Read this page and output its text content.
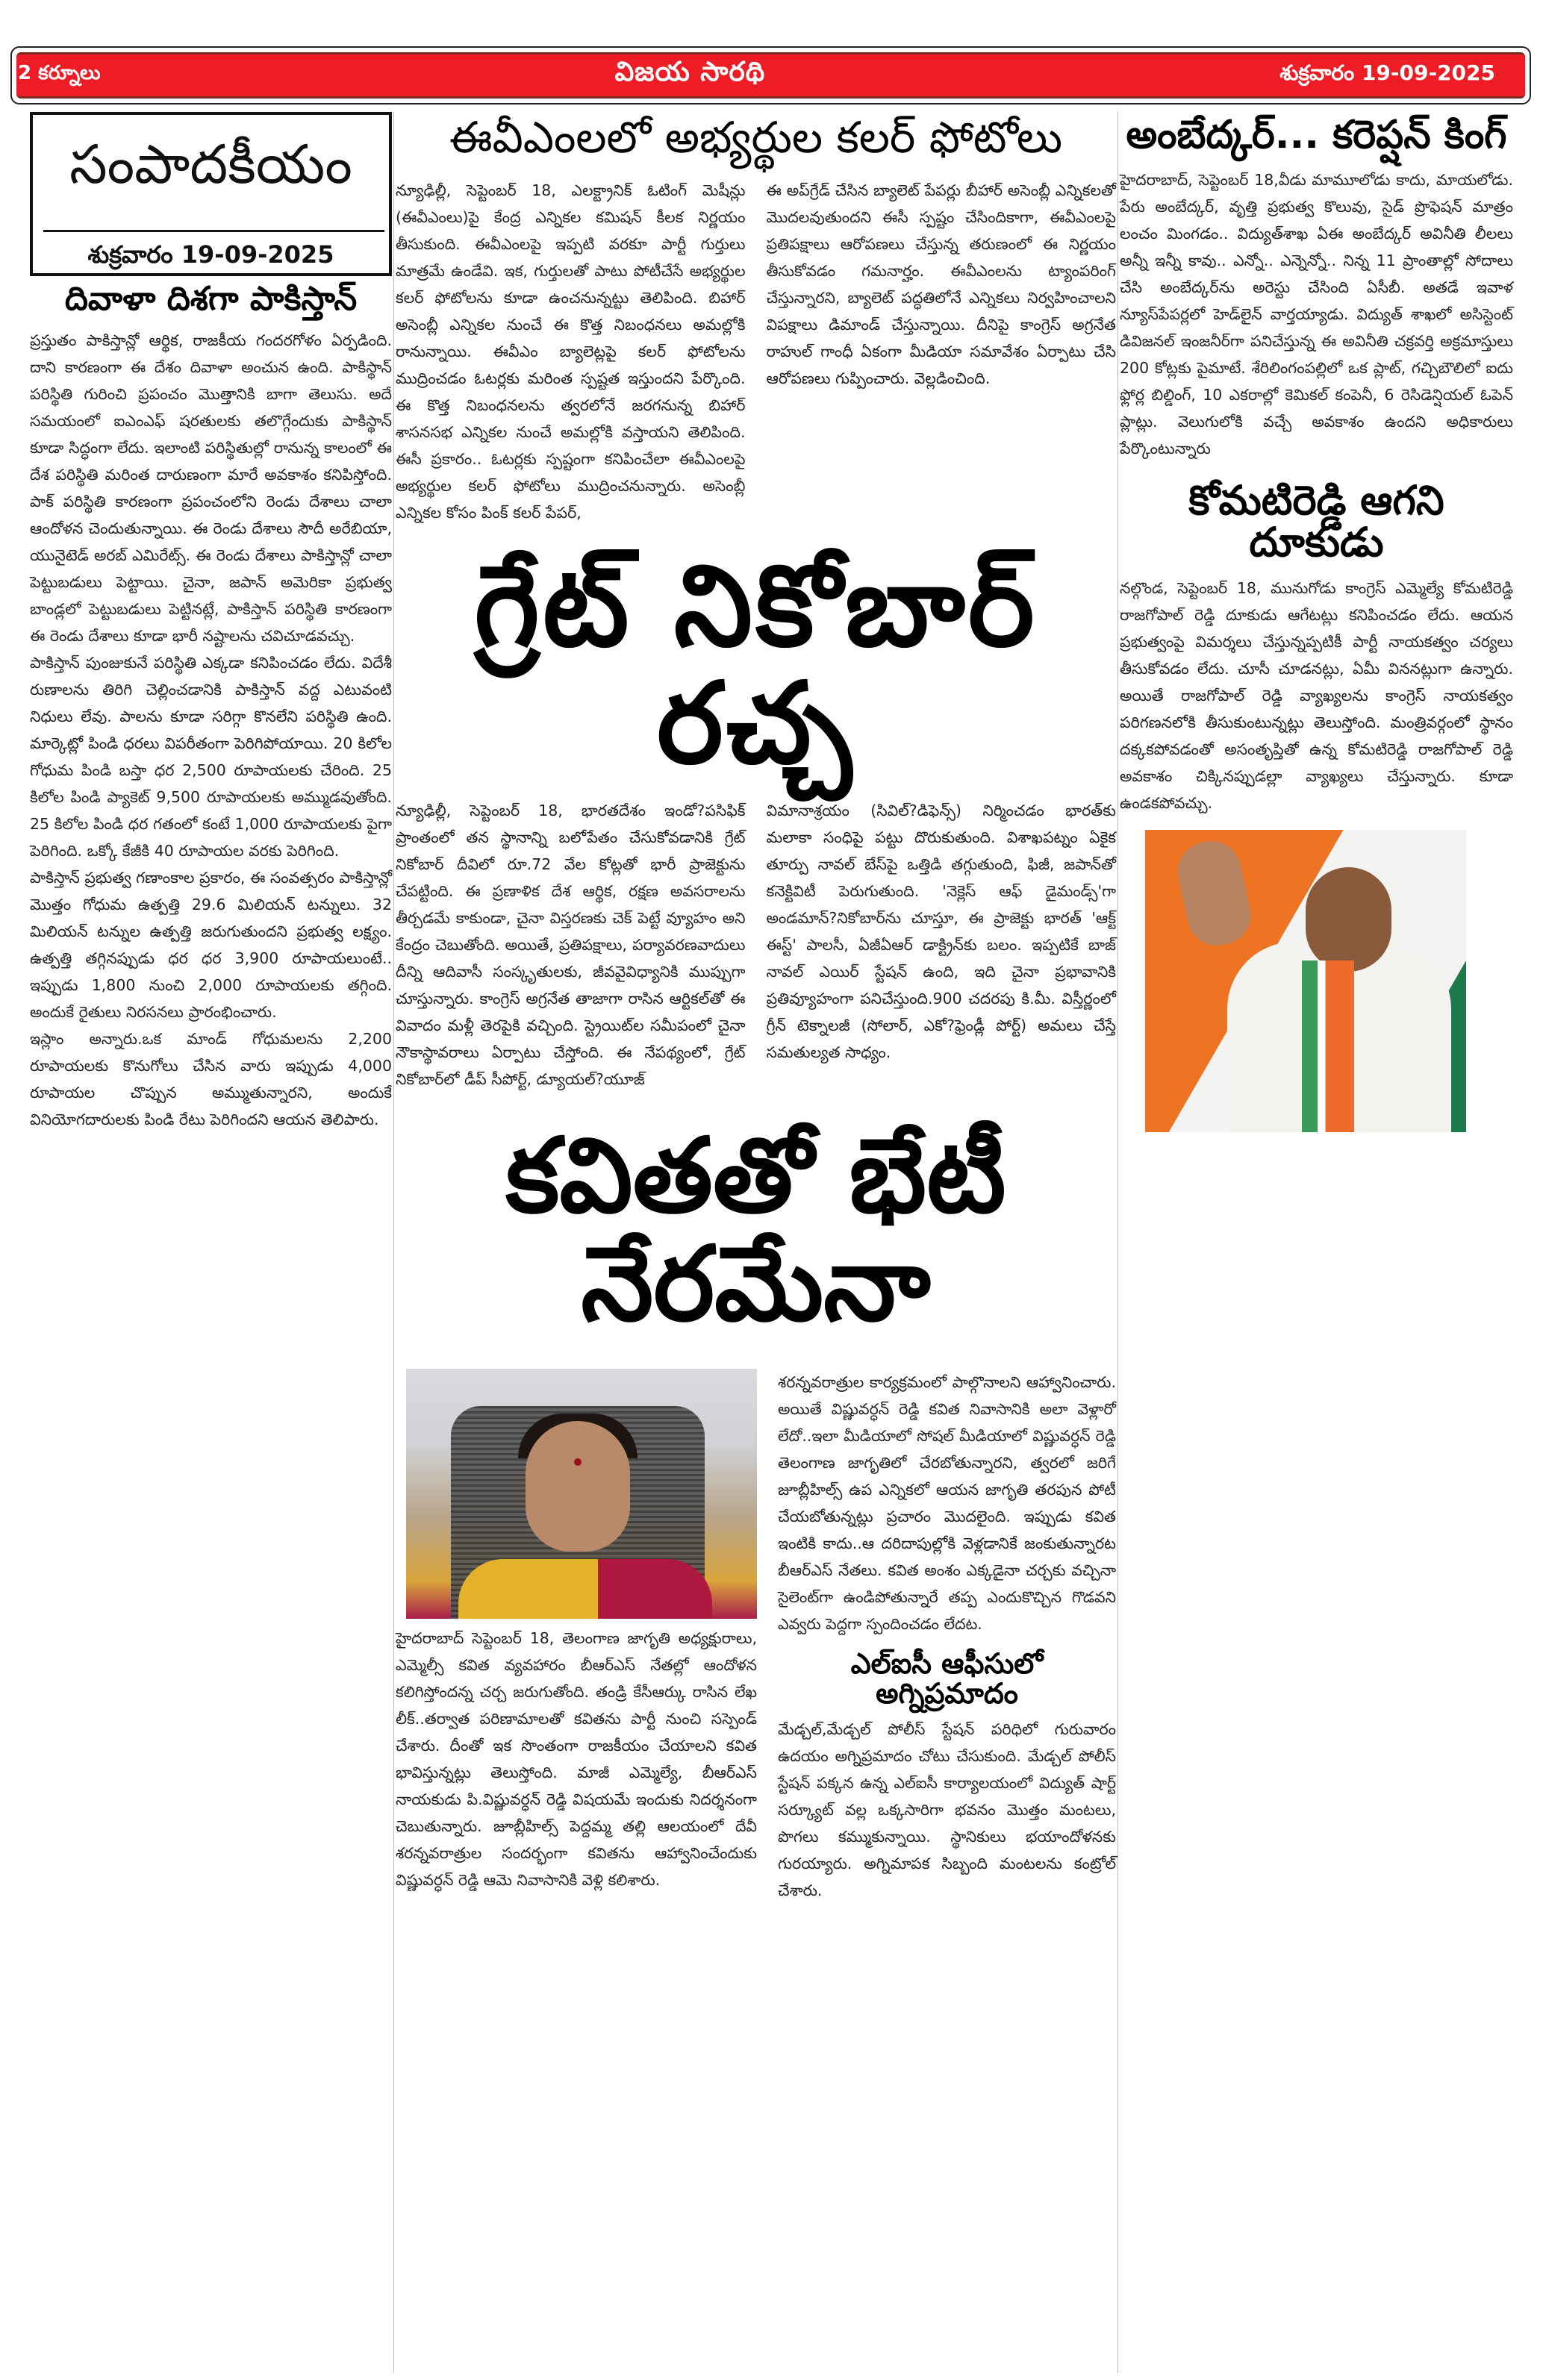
2 కర్నూలు	విజయ సారథి	శుక్రవారం 19-09-2025
సంపాదకీయం
శుక్రవారం 19-09-2025
దివాళా దిశగా పాకిస్తాన్
ప్రస్తుతం పాకిస్తాన్లో ఆర్థిక, రాజకీయ గందరగోళం ఏర్పడింది. దాని కారణంగా ఈ దేశం దివాళా అంచున ఉంది. పాకిస్థాన్ పరిస్థితి గురించి ప్రపంచం మొత్తానికి బాగా తెలుసు. అదే సమయంలో ఐఎంఎఫ్ షరతులకు తలొగ్గేందుకు పాకిస్థాన్ కూడా సిద్ధంగా లేదు. ఇలాంటి పరిస్థితుల్లో రానున్న కాలంలో ఈ దేశ పరిస్థితి మరింత దారుణంగా మారే అవకాశం కనిపిస్తోంది. పాక్ పరిస్థితి కారణంగా ప్రపంచంలోని రెండు దేశాలు చాలా ఆందోళన చెందుతున్నాయి. ఈ రెండు దేశాలు సౌదీ అరేబియా, యునైటెడ్ అరబ్ ఎమిరేట్స్. ఈ రెండు దేశాలు పాకిస్తాన్లో చాలా పెట్టుబడులు పెట్టాయి. చైనా, జపాన్ అమెరికా ప్రభుత్వ బాండ్లలో పెట్టుబడులు పెట్టినట్లే, పాకిస్తాన్ పరిస్థితి కారణంగా ఈ రెండు దేశాలు కూడా భారీ నష్టాలను చవిచూడవచ్చు.
పాకిస్తాన్ పుంజుకునే పరిస్థితి ఎక్కడా కనిపించడం లేదు. విదేశీ రుణాలను తిరిగి చెల్లించడానికి పాకిస్తాన్ వద్ద ఎటువంటి నిధులు లేవు. పాలను కూడా సరిగ్గా కొనలేని పరిస్థితి ఉంది. మార్కెట్లో పిండి ధరలు విపరీతంగా పెరిగిపోయాయి. 20 కిలోల గోధుమ పిండి బస్తా ధర 2,500 రూపాయలకు చేరింది. 25 కిలోల పిండి ప్యాకెట్ 9,500 రూపాయలకు అమ్ముడవుతోంది. 25 కిలోల పిండి ధర గతంలో కంటే 1,000 రూపాయలకు పైగా పెరిగింది. ఒక్కో కేజీకి 40 రూపాయల వరకు పెరిగింది.
పాకిస్తాన్ ప్రభుత్వ గణాంకాల ప్రకారం, ఈ సంవత్సరం పాకిస్తాన్లో మొత్తం గోధుమ ఉత్పత్తి 29.6 మిలియన్ టన్నులు. 32 మిలియన్ టన్నుల ఉత్పత్తి జరుగుతుందని ప్రభుత్వ లక్ష్యం. ఉత్పత్తి తగ్గినప్పుడు ధర ధర 3,900 రూపాయలుంటే.. ఇప్పుడు 1,800 నుంచి 2,000 రూపాయలకు తగ్గింది. అందుకే రైతులు నిరసనలు ప్రారంభించారు.
ఇస్లాం అన్నారు.ఒక మాండ్ గోధుమలను 2,200 రూపాయలకు కొనుగోలు చేసిన వారు ఇప్పుడు 4,000 రూపాయల చొప్పున అమ్ముతున్నారని, అందుకే వినియోగదారులకు పిండి రేటు పెరిగిందని ఆయన తెలిపారు.
ఈవీఎంలలో అభ్యర్థుల కలర్ ఫోటోలు
న్యూఢిల్లీ, సెప్టెంబర్ 18, ఎలక్ట్రానిక్ ఓటింగ్ మెషీన్లు (ఈవీఎంలు)పై కేంద్ర ఎన్నికల కమిషన్ కీలక నిర్ణయం తీసుకుంది. ఈవీఎంలపై ఇప్పటి వరకూ పార్టీ గుర్తులు మాత్రమే ఉండేవి. ఇక, గుర్తులతో పాటు పోటీచేసే అభ్యర్థుల కలర్ ఫోటోలను కూడా ఉంచనున్నట్టు తెలిపింది. బిహార్ అసెంబ్లీ ఎన్నికల నుంచే ఈ కొత్త నిబంధనలు అమల్లోకి రానున్నాయి. ఈవీఎం బ్యాలెట్లపై కలర్ ఫోటోలను ముద్రించడం ఓటర్లకు మరింత స్పష్టత ఇస్తుందని పేర్కొంది. ఈ కొత్త నిబంధనలను త్వరలోనే జరగనున్న బిహార్ శాసనసభ ఎన్నికల నుంచే అమల్లోకి వస్తాయని తెలిపింది. ఈసీ ప్రకారం.. ఓటర్లకు స్పష్టంగా కనిపించేలా ఈవీఎంలపై అభ్యర్థుల కలర్ ఫోటోలు ముద్రించనున్నారు. అసెంబ్లీ ఎన్నికల కోసం పింక్ కలర్ పేపర్,
ఈ అప్‌గ్రేడ్ చేసిన బ్యాలెట్ పేపర్లు బీహార్ అసెంబ్లీ ఎన్నికలతో మొదలవుతుందని ఈసీ స్పష్టం చేసిందికాగా, ఈవీఎంలపై ప్రతిపక్షాలు ఆరోపణలు చేస్తున్న తరుణంలో ఈ నిర్ణయం తీసుకోవడం గమనార్హం. ఈవీఎంలను ట్యాంపరింగ్ చేస్తున్నారని, బ్యాలెట్ పద్ధతిలోనే ఎన్నికలు నిర్వహించాలని విపక్షాలు డిమాండ్ చేస్తున్నాయి. దీనిపై కాంగ్రెస్ అగ్రనేత రాహుల్ గాంధీ ఏకంగా మీడియా సమావేశం ఏర్పాటు చేసి ఆరోపణలు గుప్పించారు. వెల్లడించింది.
గ్రేట్ నికోబార్ రచ్చ
న్యూఢిల్లీ, సెప్టెంబర్ 18, భారతదేశం ఇండో?పసిఫిక్ ప్రాంతంలో తన స్థానాన్ని బలోపేతం చేసుకోవడానికి గ్రేట్ నికోబార్ దీవిలో రూ.72 వేల కోట్లతో భారీ ప్రాజెక్టును చేపట్టింది. ఈ ప్రణాళిక దేశ ఆర్థిక, రక్షణ అవసరాలను తీర్చడమే కాకుండా, చైనా విస్తరణకు చెక్ పెట్టే వ్యూహం అని కేంద్రం చెబుతోంది. అయితే, ప్రతిపక్షాలు, పర్యావరణవాదులు దీన్ని ఆదివాసీ సంస్కృతులకు, జీవవైవిధ్యానికి ముప్పుగా చూస్తున్నారు. కాంగ్రెస్ అగ్రనేత తాజాగా రాసిన ఆర్టికల్‌తో ఈ వివాదం మళ్లీ తెరపైకి వచ్చింది. స్ట్రెయిట్‌ల సమీపంలో చైనా నౌకాస్థావరాలు ఏర్పాటు చేస్తోంది. ఈ నేపథ్యంలో, గ్రేట్ నికోబార్‌లో డీప్ సీపోర్ట్, డ్యూయల్?యూజ్
విమానాశ్రయం (సివిల్?డిఫెన్స్) నిర్మించడం భారత్‌కు మలాకా సంధిపై పట్టు దొరుకుతుంది. విశాఖపట్నం ఏకైక తూర్పు నావల్ బేస్‌పై ఒత్తిడి తగ్గుతుంది, ఫిజీ, జపాన్‌తో కనెక్టివిటీ పెరుగుతుంది. 'నెక్లెస్ ఆఫ్ డైమండ్స్'గా అండమాన్?నికోబార్‌ను చూస్తూ, ఈ ప్రాజెక్టు భారత్ 'ఆక్ట్ ఈస్ట్' పాలసీ, ఏజీఏఆర్ డాక్ట్రిన్‌కు బలం. ఇప్పటికే బాజ్ నావల్ ఎయిర్ స్టేషన్ ఉంది, ఇది చైనా ప్రభావానికి ప్రతివ్యూహంగా పనిచేస్తుంది.900 చదరపు కి.మీ. విస్తీర్ణంలో గ్రీన్ టెక్నాలజీ (సోలార్, ఎకో?ఫ్రెండ్లీ పోర్ట్) అమలు చేస్తే సమతుల్యత సాధ్యం.
కవితతో భేటీ నేరమేనా
హైదరాబాద్ సెప్టెంబర్ 18, తెలంగాణ జాగృతి అధ్యక్షురాలు, ఎమ్మెల్సీ కవిత వ్యవహారం బీఆర్ఎస్ నేతల్లో ఆందోళన కలిగిస్తోందన్న చర్చ జరుగుతోంది. తండ్రి కేసీఆర్కు రాసిన లేఖ లీక్..తర్వాత పరిణామాలతో కవితను పార్టీ నుంచి సస్పెండ్ చేశారు. దీంతో ఇక సొంతంగా రాజకీయం చేయాలని కవిత భావిస్తున్నట్లు తెలుస్తోంది. మాజీ ఎమ్మెల్యే, బీఆర్ఎస్ నాయకుడు పి.విష్ణువర్ధన్ రెడ్డి విషయమే ఇందుకు నిదర్శనంగా చెబుతున్నారు. జూబ్లీహిల్స్ పెద్దమ్మ తల్లి ఆలయంలో దేవీ శరన్నవరాత్రుల సందర్భంగా కవితను ఆహ్వానించేందుకు విష్ణువర్ధన్ రెడ్డి ఆమె నివాసానికి వెళ్లి కలిశారు.
శరన్నవరాత్రుల కార్యక్రమంలో పాల్గొనాలని ఆహ్వానించారు. అయితే విష్ణువర్ధన్ రెడ్డి కవిత నివాసానికి అలా వెళ్లారో లేదో..ఇలా మీడియాలో సోషల్ మీడియాలో విష్ణువర్ధన్ రెడ్డి తెలంగాణ జాగృతిలో చేరబోతున్నారని, త్వరలో జరిగే జూబ్లీహిల్స్ ఉప ఎన్నికలో ఆయన జాగృతి తరపున పోటీ చేయబోతున్నట్లు ప్రచారం మొదలైంది. ఇప్పుడు కవిత ఇంటికి కాదు..ఆ దరిదాపుల్లోకి వెళ్లడానికే జంకుతున్నారట బీఆర్ఎస్ నేతలు. కవిత అంశం ఎక్కడైనా చర్చకు వచ్చినా సైలెంట్‌గా ఉండిపోతున్నారే తప్ప ఎందుకొచ్చిన గొడవని ఎవ్వరు పెద్దగా స్పందించడం లేదట.
ఎల్ఐసీ ఆఫీసులో అగ్నిప్రమాదం
మేడ్చల్,మేడ్చల్ పోలీస్ స్టేషన్ పరిధిలో గురువారం ఉదయం అగ్నిప్రమాదం చోటు చేసుకుంది. మేడ్చల్ పోలీస్ స్టేషన్ పక్కన ఉన్న ఎల్ఐసీ కార్యాలయంలో విద్యుత్ షార్ట్ సర్క్యూట్ వల్ల ఒక్కసారిగా భవనం మొత్తం మంటలు, పొగలు కమ్ముకున్నాయి. స్థానికులు భయాందోళనకు గురయ్యారు. అగ్నిమాపక సిబ్బంది మంటలను కంట్రోల్ చేశారు.
అంబేద్కర్... కరెప్షన్ కింగ్
హైదరాబాద్, సెప్టెంబర్ 18,వీడు మామూలోడు కాదు, మాయలోడు. పేరు అంబేద్కర్, వృత్తి ప్రభుత్వ కొలువు, సైడ్ ప్రొఫెషన్ మాత్రం లంచం మింగడం.. విద్యుత్‌శాఖ ఏఈ అంబేద్కర్ అవినీతి లీలలు అన్నీ ఇన్నీ కావు.. ఎన్నో.. ఎన్నెన్నో.. నిన్న 11 ప్రాంతాల్లో సోదాలు చేసి అంబేద్కర్‌ను అరెస్టు చేసింది ఏసీబీ. అతడే ఇవాళ న్యూస్‌పేపర్లలో హెడ్‌లైన్ వార్తయ్యాడు. విద్యుత్ శాఖలో అసిస్టెంట్ డివిజనల్ ఇంజనీర్‌గా పనిచేస్తున్న ఈ అవినీతి చక్రవర్తి అక్రమాస్తులు 200 కోట్లకు పైమాటే. శేరిలింగంపల్లిలో ఒక ప్లాట్, గచ్చిబౌలిలో ఐదు ఫ్లోర్ల బిల్డింగ్, 10 ఎకరాల్లో కెమికల్ కంపెనీ, 6 రెసిడెన్షియల్ ఓపెన్ ప్లాట్లు. వెలుగులోకి వచ్చే అవకాశం ఉందని అధికారులు పేర్కొంటున్నారు
కోమటిరెడ్డి ఆగని దూకుడు
నల్గొండ, సెప్టెంబర్ 18, మునుగోడు కాంగ్రెస్ ఎమ్మెల్యే కోమటిరెడ్డి రాజగోపాల్ రెడ్డి దూకుడు ఆగేటట్లు కనిపించడం లేదు. ఆయన ప్రభుత్వంపై విమర్శలు చేస్తున్నప్పటికీ పార్టీ నాయకత్వం చర్యలు తీసుకోవడం లేదు. చూసీ చూడనట్లు, ఏమీ విననట్లుగా ఉన్నారు. అయితే రాజగోపాల్ రెడ్డి వ్యాఖ్యలను కాంగ్రెస్ నాయకత్వం పరిగణనలోకి తీసుకుంటున్నట్లు తెలుస్తోంది. మంత్రివర్గంలో స్థానం దక్కకపోవడంతో అసంతృప్తితో ఉన్న కోమటిరెడ్డి రాజగోపాల్ రెడ్డి అవకాశం చిక్కినప్పుడల్లా వ్యాఖ్యలు చేస్తున్నారు. కూడా ఉండకపోవచ్చు.
